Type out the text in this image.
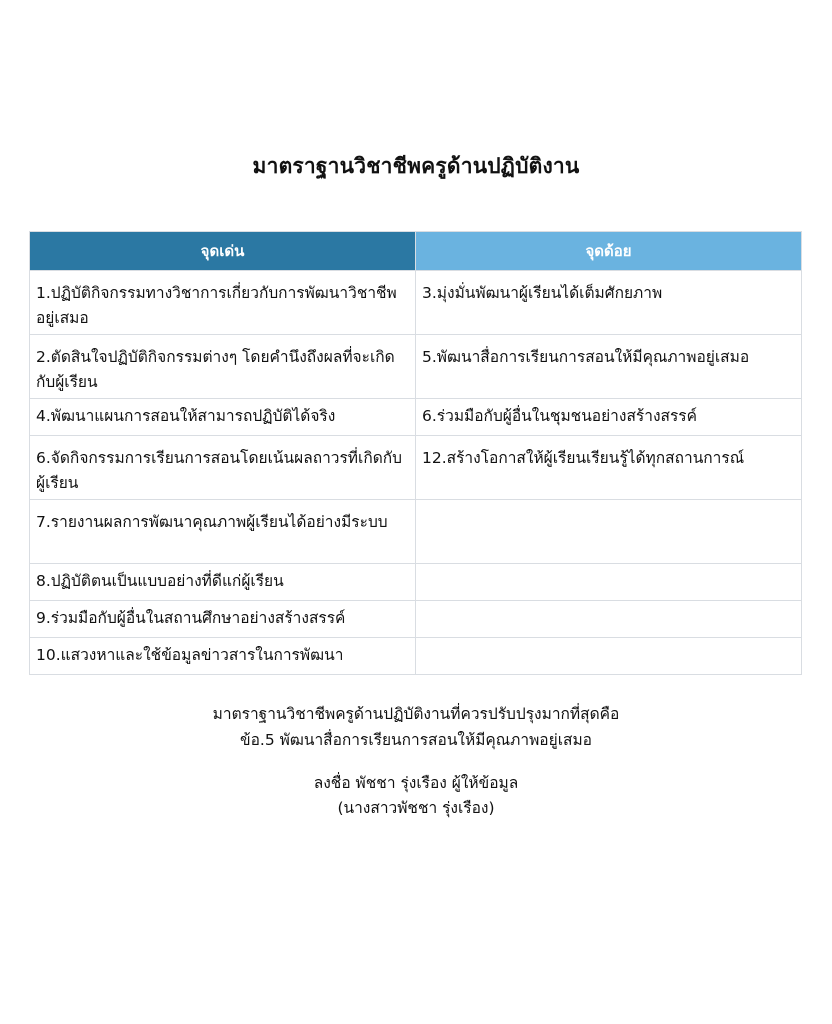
มาตราฐานวิชาชีพครูด้านปฏิบัติงาน
จุดเด่น	จุดด้อย
1.ปฏิบัติกิจกรรมทางวิชาการเกี่ยวกับการพัฒนาวิชาชีพอยู่เสมอ	3.มุ่งมั่นพัฒนาผู้เรียนได้เต็มศักยภาพ
2.ตัดสินใจปฏิบัติกิจกรรมต่างๆ โดยคำนึงถึงผลที่จะเกิดกับผู้เรียน	5.พัฒนาสื่อการเรียนการสอนให้มีคุณภาพอยู่เสมอ
4.พัฒนาแผนการสอนให้สามารถปฏิบัติได้จริง	6.ร่วมมือกับผู้อื่นในชุมชนอย่างสร้างสรรค์
6.จัดกิจกรรมการเรียนการสอนโดยเน้นผลถาวรที่เกิดกับผู้เรียน	12.สร้างโอกาสให้ผู้เรียนเรียนรู้ได้ทุกสถานการณ์
7.รายงานผลการพัฒนาคุณภาพผู้เรียนได้อย่างมีระบบ	
8.ปฏิบัติตนเป็นแบบอย่างที่ดีแก่ผู้เรียน	
9.ร่วมมือกับผู้อื่นในสถานศึกษาอย่างสร้างสรรค์	
10.แสวงหาและใช้ข้อมูลข่าวสารในการพัฒนา	
มาตราฐานวิชาชีพครูด้านปฏิบัติงานที่ควรปรับปรุงมากที่สุดคือ
ข้อ.5 พัฒนาสื่อการเรียนการสอนให้มีคุณภาพอยู่เสมอ
ลงชื่อ พัชชา รุ่งเรือง ผู้ให้ข้อมูล
(นางสาวพัชชา รุ่งเรือง)
